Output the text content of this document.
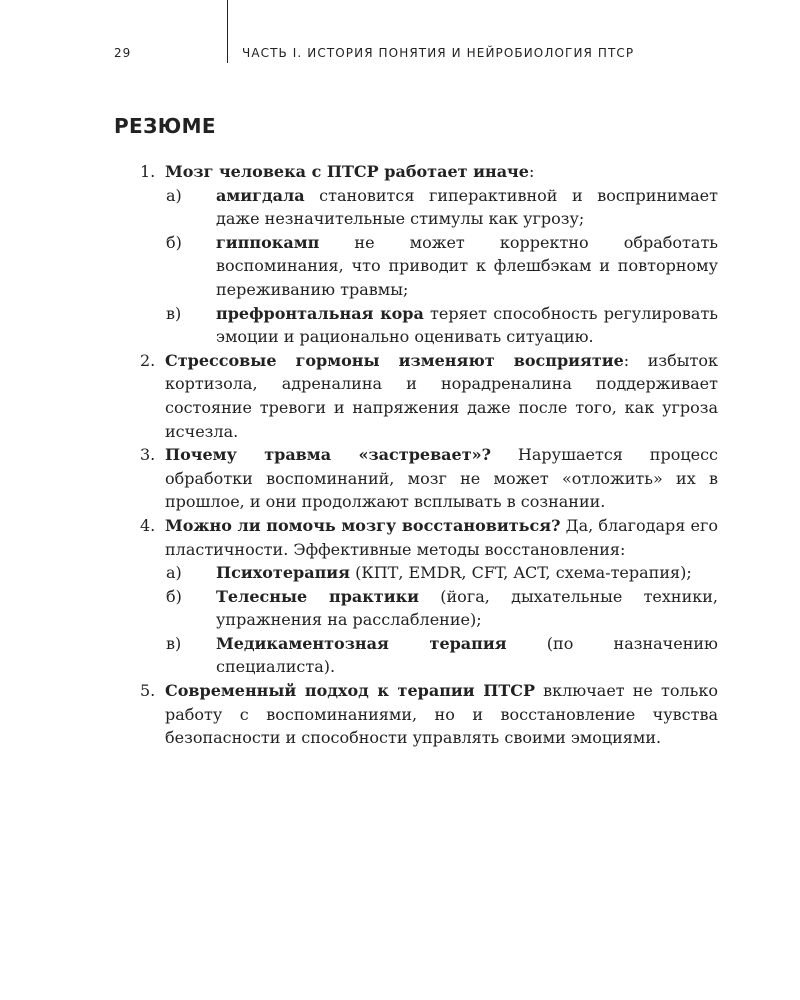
29	ЧАСТЬ I. ИСТОРИЯ ПОНЯТИЯ И НЕЙРОБИОЛОГИЯ ПТСР
РЕЗЮМЕ
1. Мозг человека с ПТСР работает иначе:
а) амигдала становится гиперактивной и воспринимает даже незначительные стимулы как угрозу;
б) гиппокамп не может корректно обработать воспоминания, что приводит к флешбэкам и повторному переживанию травмы;
в) префронтальная кора теряет способность регулировать эмоции и рационально оценивать ситуацию.
2. Стрессовые гормоны изменяют восприятие: избыток кортизола, адреналина и норадреналина поддерживает состояние тревоги и напряжения даже после того, как угроза исчезла.
3. Почему травма «застревает»? Нарушается процесс обработки воспоминаний, мозг не может «отложить» их в прошлое, и они продолжают всплывать в сознании.
4. Можно ли помочь мозгу восстановиться? Да, благодаря его пластичности. Эффективные методы восстановления:
а) Психотерапия (КПТ, EMDR, CFT, ACT, схема-терапия);
б) Телесные практики (йога, дыхательные техники, упражнения на расслабление);
в) Медикаментозная терапия (по назначению специалиста).
5. Современный подход к терапии ПТСР включает не только работу с воспоминаниями, но и восстановление чувства безопасности и способности управлять своими эмоциями.
